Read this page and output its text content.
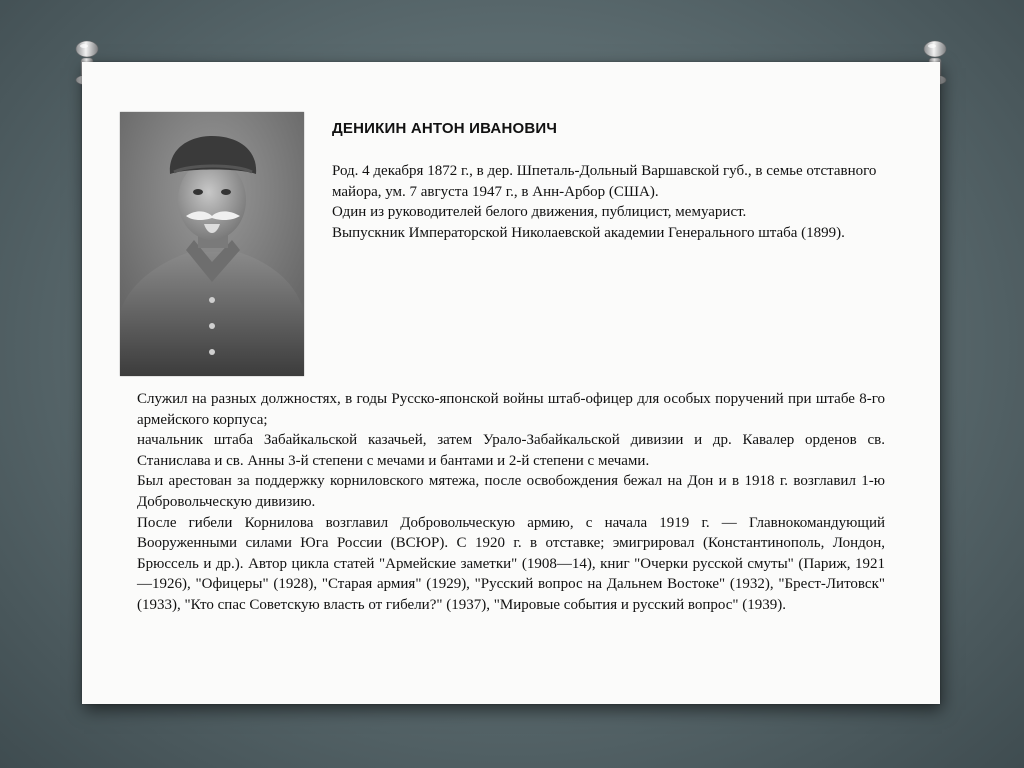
ДЕНИКИН АНТОН ИВАНОВИЧ

Род. 4 декабря 1872 г., в дер. Шпеталь-Дольный Варшавской губ., в семье отставного майора, ум. 7 августа 1947 г., в Анн-Арбор (США).

Один из руководителей белого движения, публицист, мемуарист.

Выпускник Императорской Николаевской академии Генерального штаба (1899).

Служил на разных должностях, в годы Русско-японской войны штаб-офицер для особых поручений при штабе 8-го армейского корпуса;

начальник штаба Забайкальской казачьей, затем Урало-Забайкальской дивизии и др. Кавалер орденов св. Станислава и св. Анны 3-й степени с мечами и бантами и 2-й степени с мечами.

Был арестован за поддержку корниловского мятежа, после освобождения бежал на Дон и в 1918 г. возглавил 1-ю Добровольческую дивизию.

После гибели Корнилова возглавил Добровольческую армию, с начала 1919 г. — Главнокомандующий Вооруженными силами Юга России (ВСЮР). С 1920 г. в отставке; эмигрировал (Константинополь, Лондон, Брюссель и др.). Автор цикла статей "Армейские заметки" (1908—14), книг "Очерки русской смуты" (Париж, 1921—1926), "Офицеры" (1928), "Старая армия" (1929), "Русский вопрос на Дальнем Востоке" (1932), "Брест-Литовск" (1933), "Кто спас Советскую власть от гибели?" (1937), "Мировые события и русский вопрос" (1939).
